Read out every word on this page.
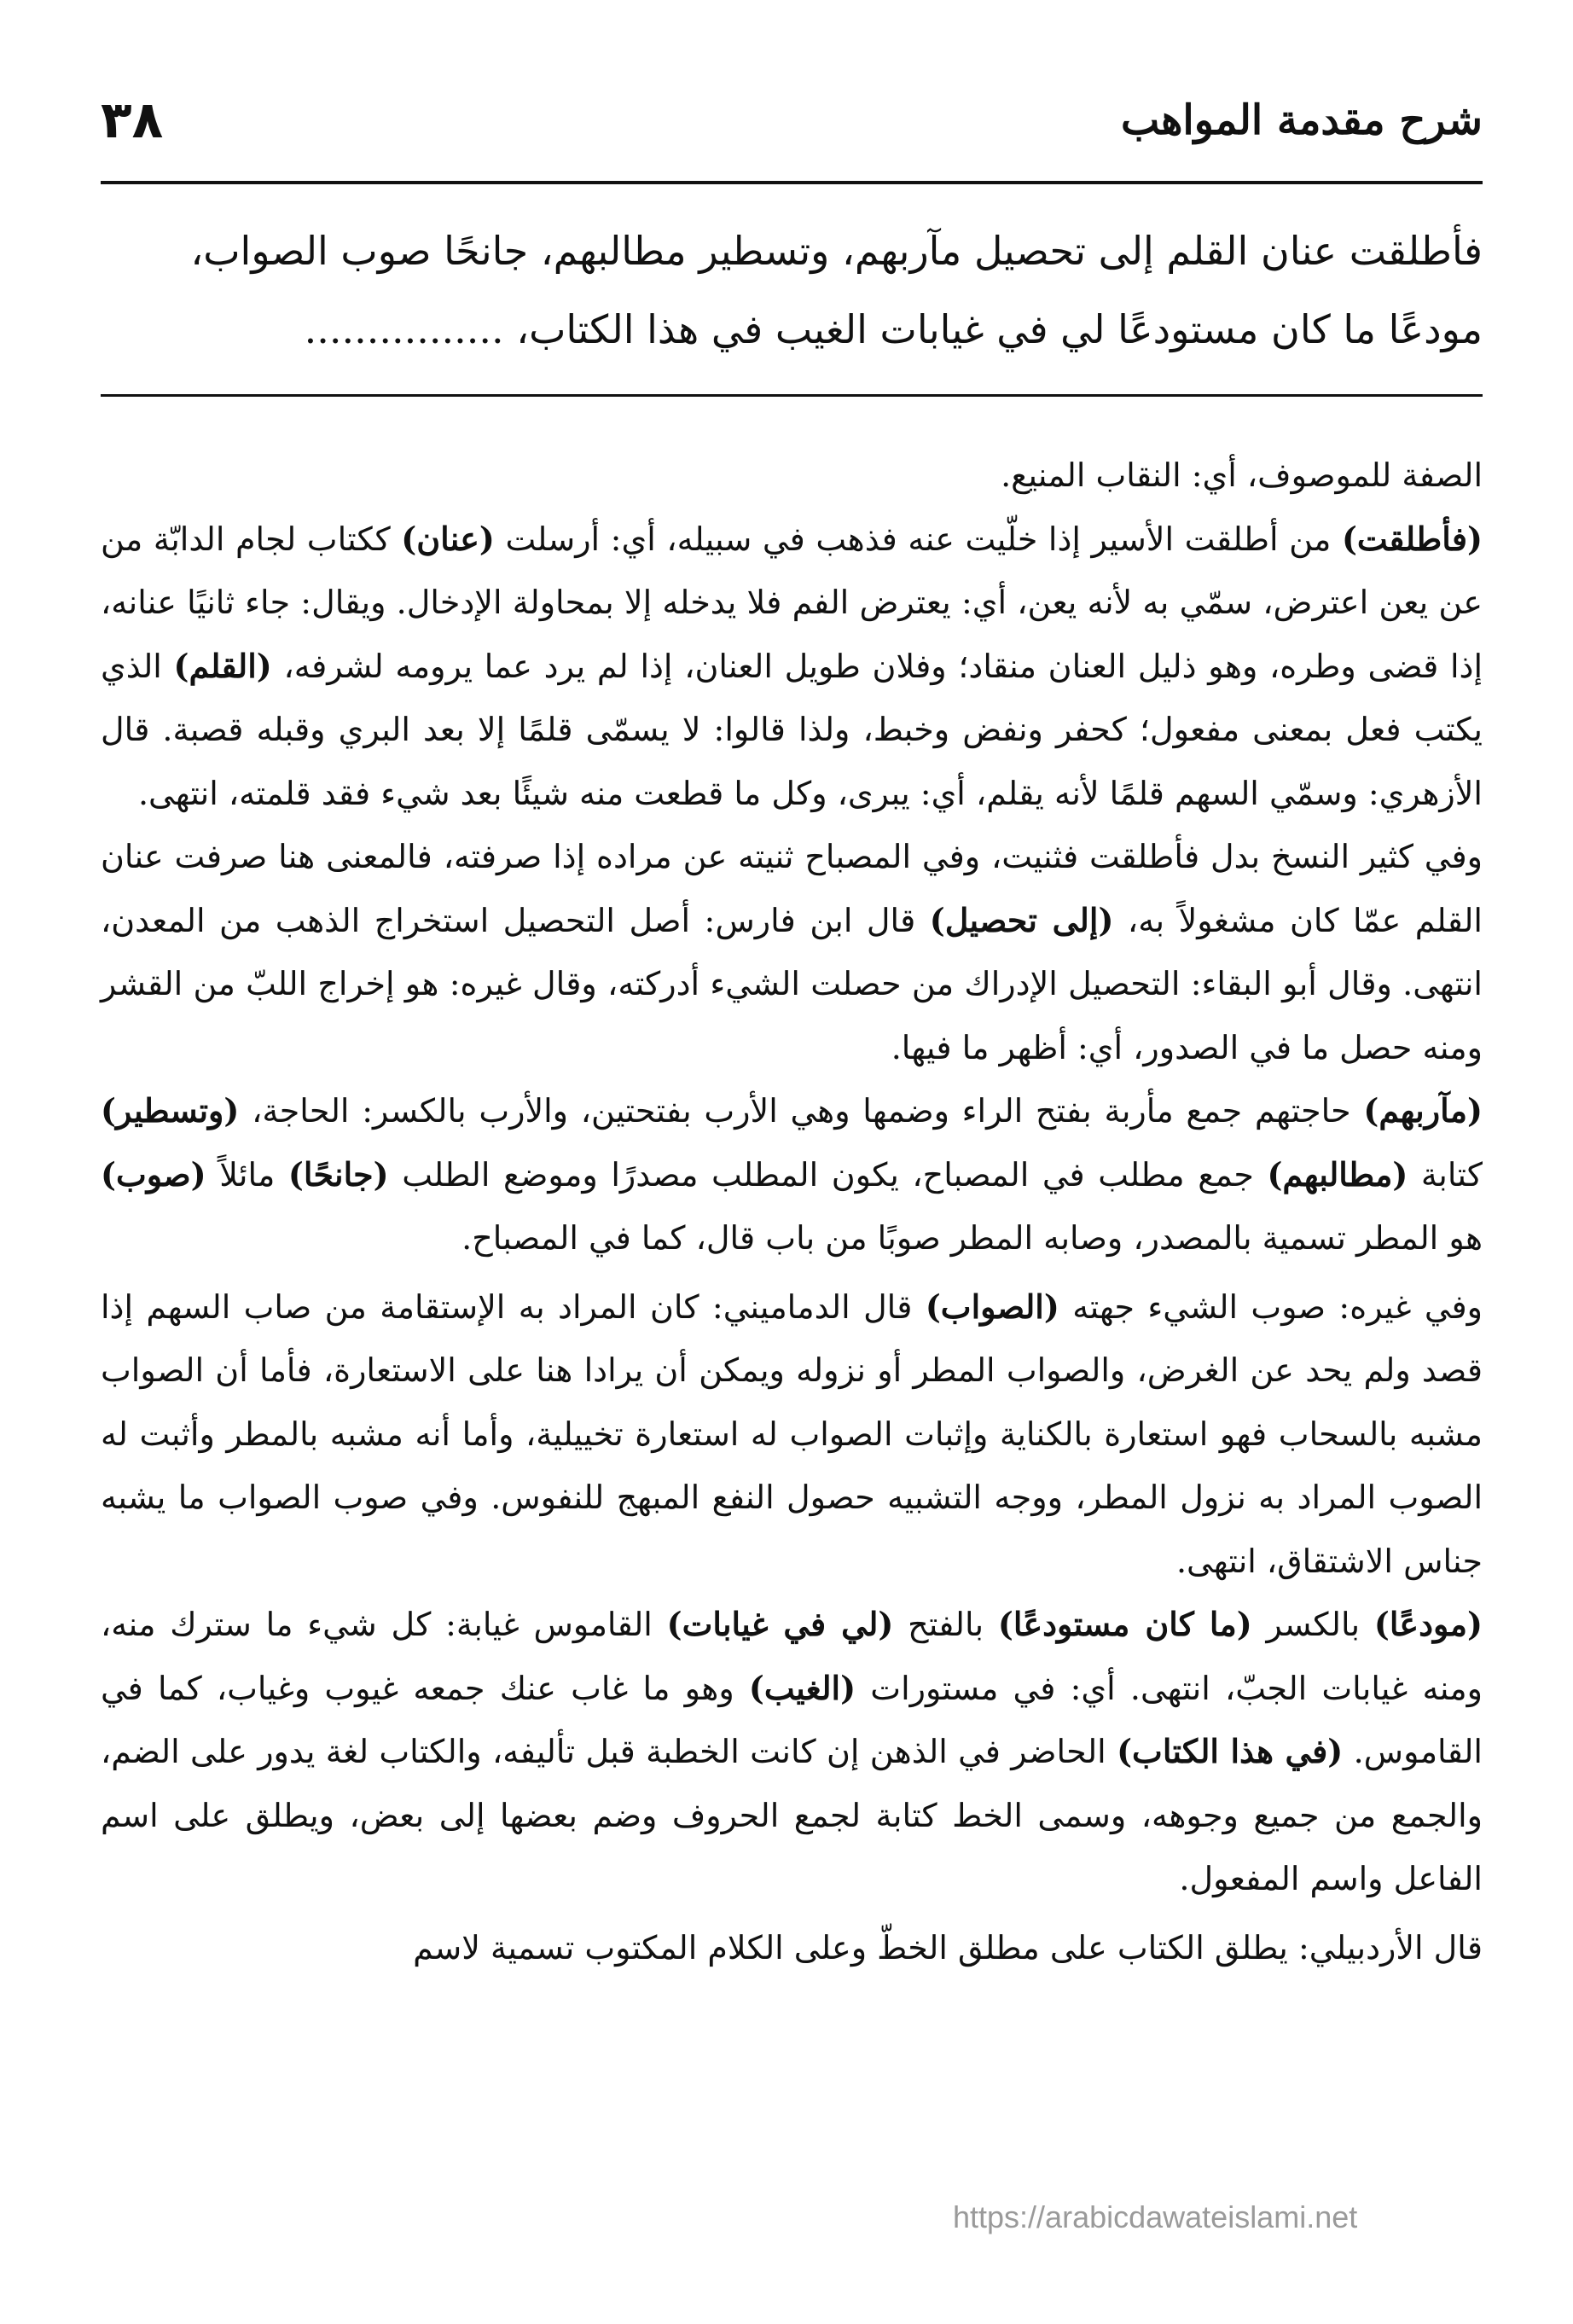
٣٨	شرح مقدمة المواهب

فأطلقت عنان القلم إلى تحصيل مآربهم، وتسطير مطالبهم، جانحًا صوب الصواب،

مودعًا ما كان مستودعًا لي في غيابات الغيب في هذا الكتاب، ................

الصفة للموصوف، أي: النقاب المنيع.

(فأطلقت) من أطلقت الأسير إذا خلّيت عنه فذهب في سبيله، أي: أرسلت (عنان) ككتاب لجام الدابّة من عن يعن اعترض، سمّي به لأنه يعن، أي: يعترض الفم فلا يدخله إلا بمحاولة الإدخال. ويقال: جاء ثانيًا عنانه، إذا قضى وطره، وهو ذليل العنان منقاد؛ وفلان طويل العنان، إذا لم يرد عما يرومه لشرفه، (القلم) الذي يكتب فعل بمعنى مفعول؛ كحفر ونفض وخبط، ولذا قالوا: لا يسمّى قلمًا إلا بعد البري وقبله قصبة. قال الأزهري: وسمّي السهم قلمًا لأنه يقلم، أي: يبرى، وكل ما قطعت منه شيئًا بعد شيء فقد قلمته، انتهى.

وفي كثير النسخ بدل فأطلقت فثنيت، وفي المصباح ثنيته عن مراده إذا صرفته، فالمعنى هنا صرفت عنان القلم عمّا كان مشغولاً به، (إلى تحصيل) قال ابن فارس: أصل التحصيل استخراج الذهب من المعدن، انتهى. وقال أبو البقاء: التحصيل الإدراك من حصلت الشيء أدركته، وقال غيره: هو إخراج اللبّ من القشر ومنه حصل ما في الصدور، أي: أظهر ما فيها.

(مآربهم) حاجتهم جمع مأربة بفتح الراء وضمها وهي الأرب بفتحتين، والأرب بالكسر: الحاجة، (وتسطير) كتابة (مطالبهم) جمع مطلب في المصباح، يكون المطلب مصدرًا وموضع الطلب (جانحًا) مائلاً (صوب) هو المطر تسمية بالمصدر، وصابه المطر صوبًا من باب قال، كما في المصباح.

وفي غيره: صوب الشيء جهته (الصواب) قال الدماميني: كان المراد به الإستقامة من صاب السهم إذا قصد ولم يحد عن الغرض، والصواب المطر أو نزوله ويمكن أن يرادا هنا على الاستعارة، فأما أن الصواب مشبه بالسحاب فهو استعارة بالكناية وإثبات الصواب له استعارة تخييلية، وأما أنه مشبه بالمطر وأثبت له الصوب المراد به نزول المطر، ووجه التشبيه حصول النفع المبهج للنفوس. وفي صوب الصواب ما يشبه جناس الاشتقاق، انتهى.

(مودعًا) بالكسر (ما كان مستودعًا) بالفتح (لي في غيابات) القاموس غيابة: كل شيء ما سترك منه، ومنه غيابات الجبّ، انتهى. أي: في مستورات (الغيب) وهو ما غاب عنك جمعه غيوب وغياب، كما في القاموس. (في هذا الكتاب) الحاضر في الذهن إن كانت الخطبة قبل تأليفه، والكتاب لغة يدور على الضم، والجمع من جميع وجوهه، وسمى الخط كتابة لجمع الحروف وضم بعضها إلى بعض، ويطلق على اسم الفاعل واسم المفعول.

قال الأردبيلي: يطلق الكتاب على مطلق الخطّ وعلى الكلام المكتوب تسمية لاسم

https://arabicdawateislami.net
